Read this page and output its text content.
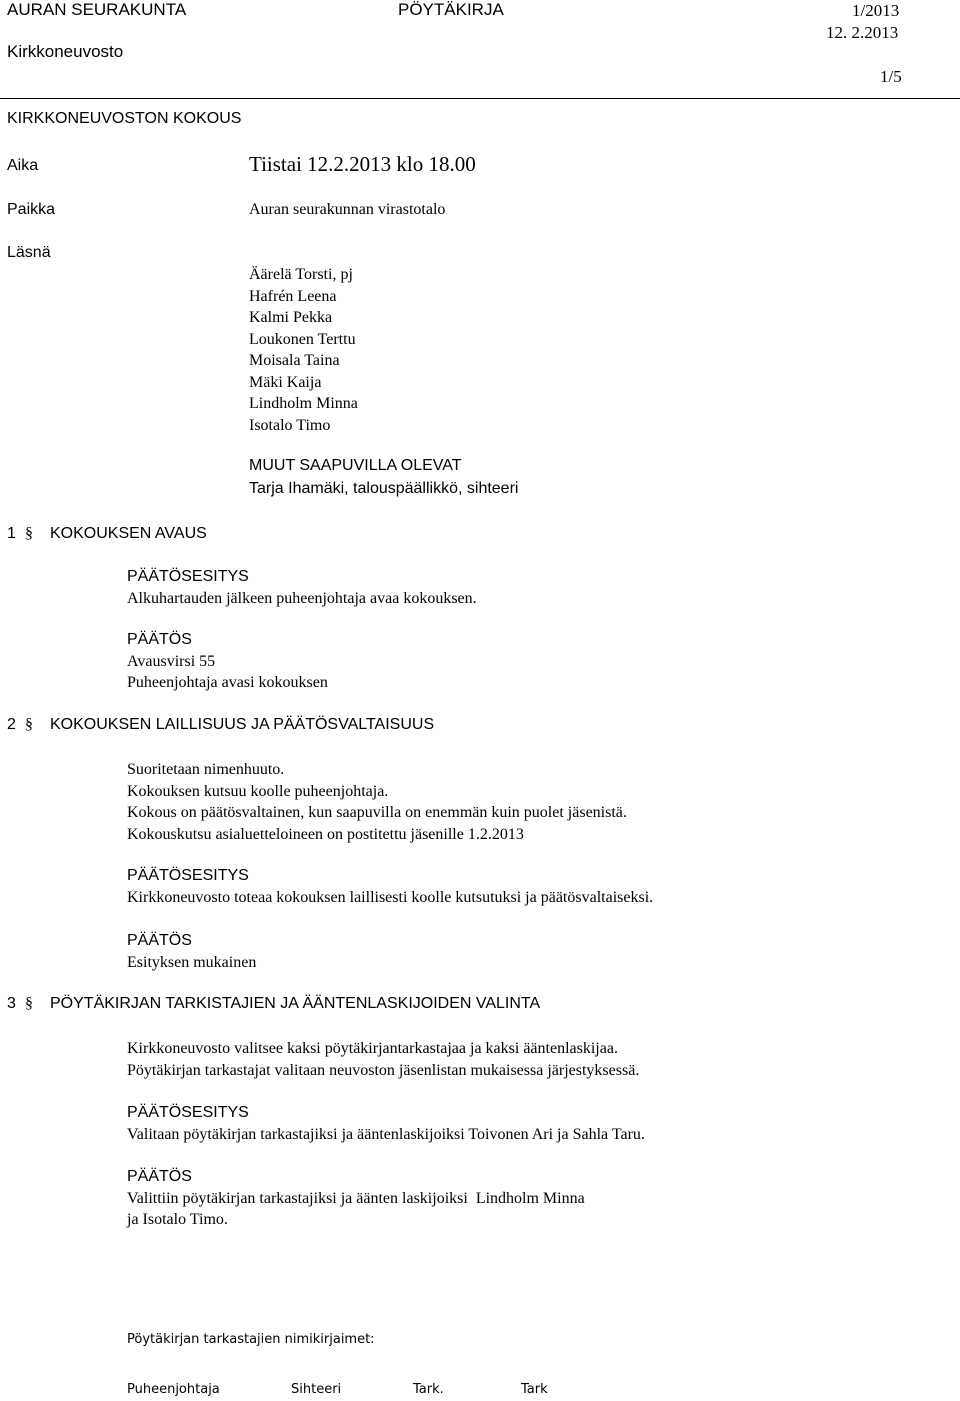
AURAN SEURAKUNTA	PÖYTÄKIRJA	1/2013
Kirkkoneuvosto
12. 2.2013
1/5
KIRKKONEUVOSTON KOKOUS
Aika	Tiistai 12.2.2013 klo 18.00
Paikka	Auran seurakunnan virastotalo
Läsnä
Äärelä Torsti, pj
Hafrén Leena
Kalmi Pekka
Loukonen Terttu
Moisala Taina
Mäki Kaija
Lindholm Minna
Isotalo Timo
MUUT SAAPUVILLA OLEVAT
Tarja Ihamäki, talouspäällikkö, sihteeri
1 §	KOKOUKSEN AVAUS
PÄÄTÖSESITYS
Alkuhartauden jälkeen puheenjohtaja avaa kokouksen.
PÄÄTÖS
Avausvirsi 55
Puheenjohtaja avasi kokouksen
2 §	KOKOUKSEN LAILLISUUS JA PÄÄTÖSVALTAISUUS
Suoritetaan nimenhuuto.
Kokouksen kutsuu koolle puheenjohtaja.
Kokous on päätösvaltainen, kun saapuvilla on enemmän kuin puolet jäsenistä.
Kokouskutsu asialuetteloineen on postitettu jäsenille 1.2.2013
PÄÄTÖSESITYS
Kirkkoneuvosto toteaa kokouksen laillisesti koolle kutsutuksi ja päätösvaltaiseksi.
PÄÄTÖS
Esityksen mukainen
3 §	PÖYTÄKIRJAN TARKISTAJIEN JA ÄÄNTENLASKIJOIDEN VALINTA
Kirkkoneuvosto valitsee kaksi pöytäkirjantarkastajaa ja kaksi ääntenlaskijaa.
Pöytäkirjan tarkastajat valitaan neuvoston jäsenlistan mukaisessa järjestyksessä.
PÄÄTÖSESITYS
Valitaan pöytäkirjan tarkastajiksi ja ääntenlaskijoiksi Toivonen Ari ja Sahla Taru.
PÄÄTÖS
Valittiin pöytäkirjan tarkastajiksi ja äänten laskijoiksi  Lindholm Minna
ja Isotalo Timo.
Pöytäkirjan tarkastajien nimikirjaimet:
Puheenjohtaja	Sihteeri	Tark.	Tark
